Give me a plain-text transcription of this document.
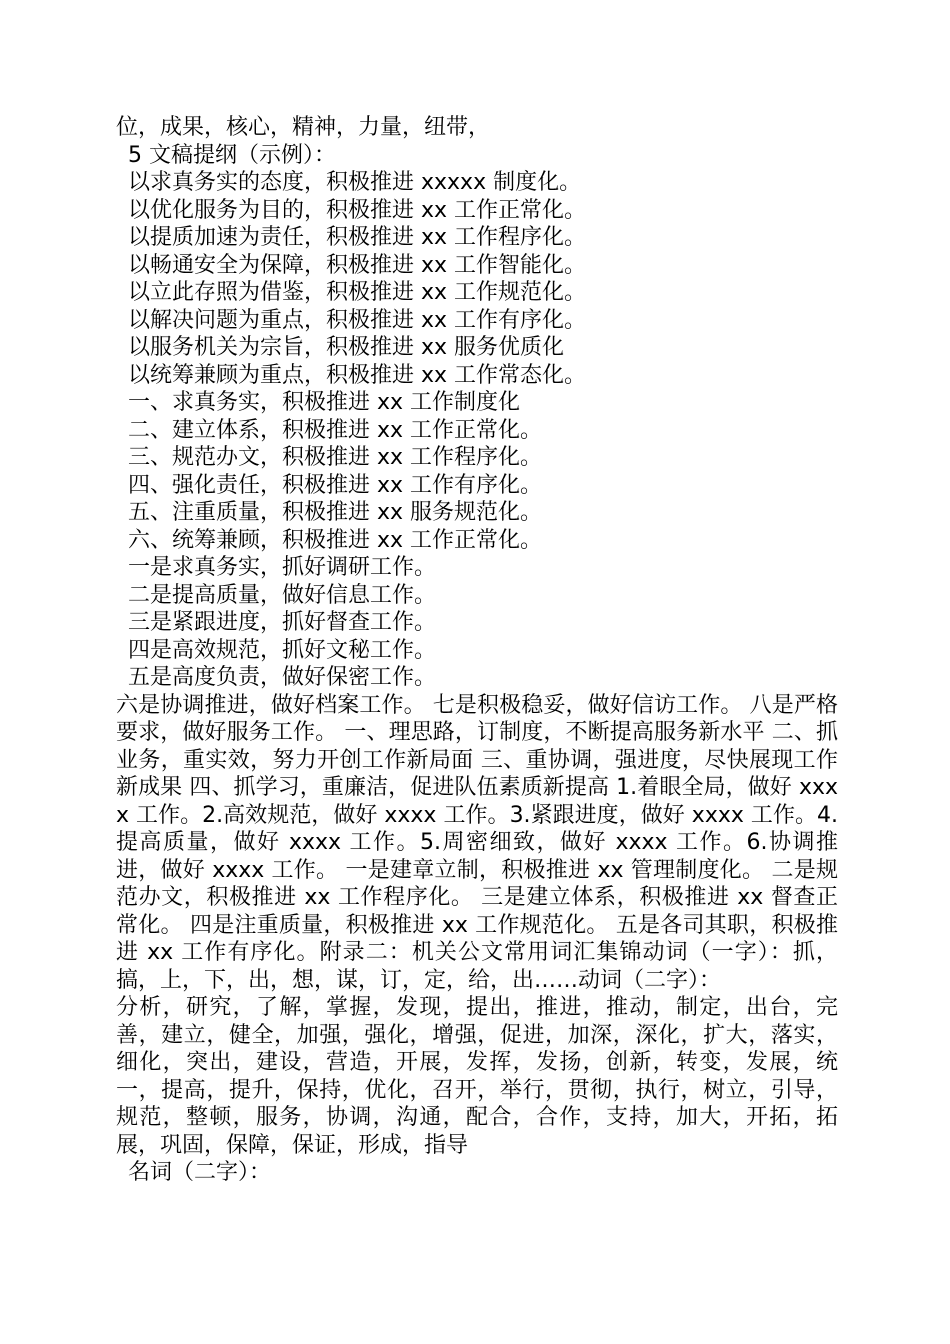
位，成果，核心，精神，力量，纽带，
5 文稿提纲（示例）：
以求真务实的态度，积极推进 xxxxx 制度化。
以优化服务为目的，积极推进 xx 工作正常化。
以提质加速为责任，积极推进 xx 工作程序化。
以畅通安全为保障，积极推进 xx 工作智能化。
以立此存照为借鉴，积极推进 xx 工作规范化。
以解决问题为重点，积极推进 xx 工作有序化。
以服务机关为宗旨，积极推进 xx 服务优质化
以统筹兼顾为重点，积极推进 xx 工作常态化。
一、求真务实，积极推进 xx 工作制度化
二、建立体系，积极推进 xx 工作正常化。
三、规范办文，积极推进 xx 工作程序化。
四、强化责任，积极推进 xx 工作有序化。
五、注重质量，积极推进 xx 服务规范化。
六、统筹兼顾，积极推进 xx 工作正常化。
一是求真务实，抓好调研工作。
二是提高质量，做好信息工作。
三是紧跟进度，抓好督查工作。
四是高效规范，抓好文秘工作。
五是高度负责，做好保密工作。
六是协调推进，做好档案工作。 七是积极稳妥，做好信访工作。 八是严格要求，做好服务工作。 一、理思路，订制度，不断提高服务新水平 二、抓业务，重实效，努力开创工作新局面 三、重协调，强进度，尽快展现工作新成果 四、抓学习，重廉洁，促进队伍素质新提高 1.着眼全局，做好 xxxx 工作。2.高效规范，做好 xxxx 工作。3.紧跟进度，做好 xxxx 工作。4.提高质量，做好 xxxx 工作。5.周密细致，做好 xxxx 工作。6.协调推进，做好 xxxx 工作。 一是建章立制，积极推进 xx 管理制度化。 二是规范办文，积极推进 xx 工作程序化。 三是建立体系，积极推进 xx 督查正常化。 四是注重质量，积极推进 xx 工作规范化。 五是各司其职，积极推进 xx 工作有序化。附录二：机关公文常用词汇集锦动词（一字）：抓，搞，上，下，出，想，谋，订，定，给，出……动词（二字）：
分析，研究，了解，掌握，发现，提出，推进，推动，制定，出台，完善，建立，健全，加强，强化，增强，促进，加深，深化，扩大，落实，细化，突出，建设，营造，开展，发挥，发扬，创新，转变，发展，统一，提高，提升，保持，优化，召开，举行，贯彻，执行，树立，引导，规范，整顿，服务，协调，沟通，配合，合作，支持，加大，开拓，拓展，巩固，保障，保证，形成，指导
名词（二字）：
